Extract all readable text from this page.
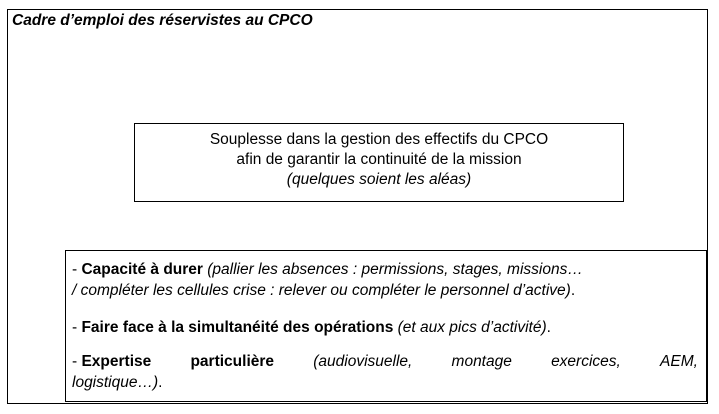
Cadre d’emploi des réservistes au CPCO
Souplesse dans la gestion des effectifs du CPCO
afin de garantir la continuité de la mission
(quelques soient les aléas)
- Capacité à durer (pallier les absences : permissions, stages, missions…
/ compléter les cellules crise : relever ou compléter le personnel d’active).
- Faire face à la simultanéité des opérations (et aux pics d’activité).
- Expertise	particulière	(audiovisuelle,	montage	exercices,	AEM,
logistique…).
